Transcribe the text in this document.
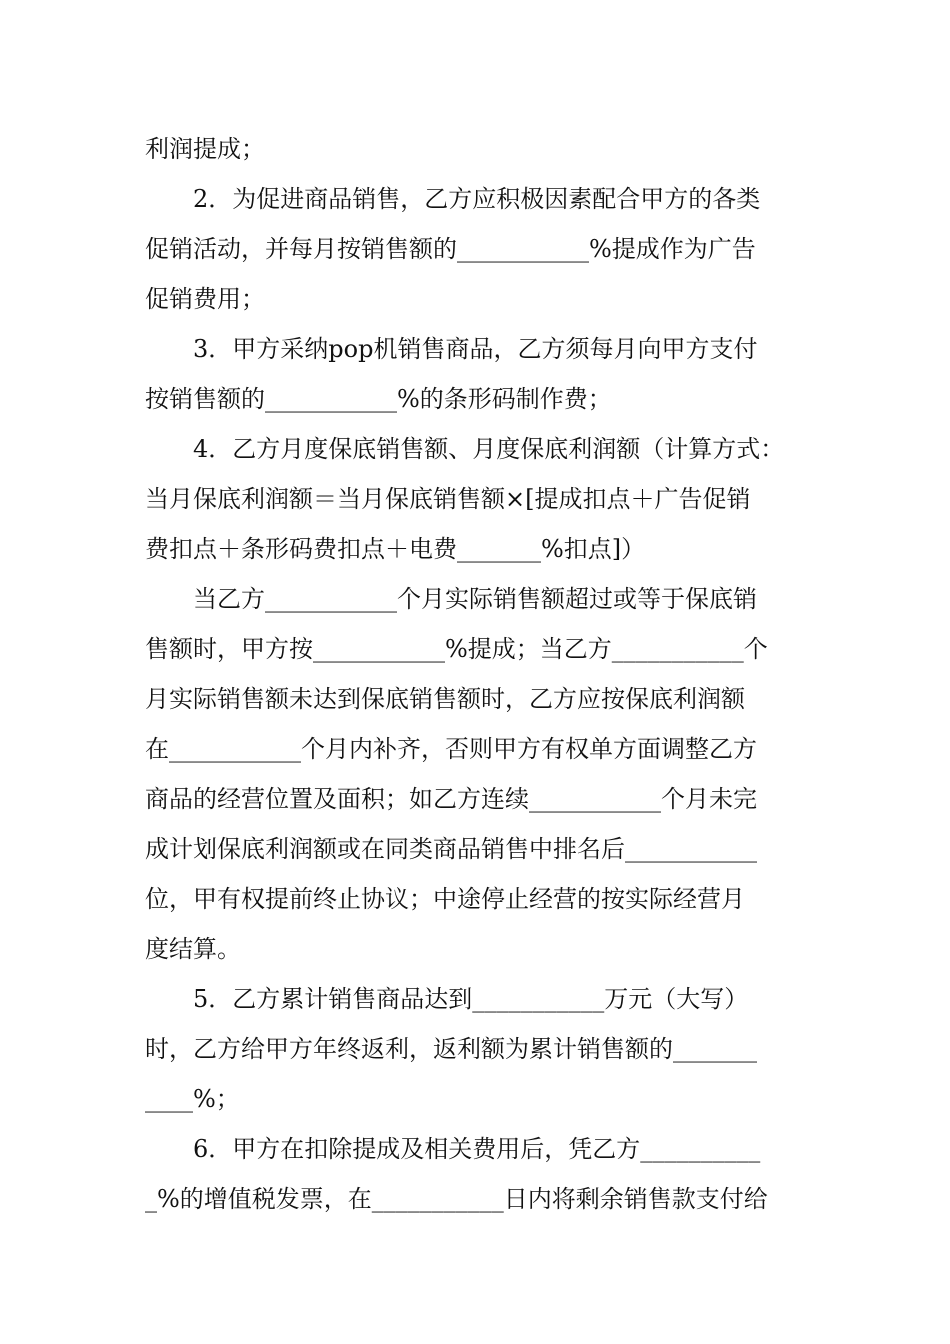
利润提成；
　　2．为促进商品销售，乙方应积极因素配合甲方的各类
促销活动，并每月按销售额的___________%提成作为广告
促销费用；
　　3．甲方采纳pop机销售商品，乙方须每月向甲方支付
按销售额的___________%的条形码制作费；
　　4．乙方月度保底销售额、月度保底利润额（计算方式：
当月保底利润额＝当月保底销售额×[提成扣点＋广告促销
费扣点＋条形码费扣点＋电费_______%扣点]）
　　当乙方___________个月实际销售额超过或等于保底销
售额时，甲方按___________%提成；当乙方___________个
月实际销售额未达到保底销售额时，乙方应按保底利润额
在___________个月内补齐，否则甲方有权单方面调整乙方
商品的经营位置及面积；如乙方连续___________个月未完
成计划保底利润额或在同类商品销售中排名后___________
位，甲有权提前终止协议；中途停止经营的按实际经营月
度结算。
　　5．乙方累计销售商品达到___________万元（大写）
时，乙方给甲方年终返利，返利额为累计销售额的_______
____%；
　　6．甲方在扣除提成及相关费用后，凭乙方__________
_%的增值税发票，在___________日内将剩余销售款支付给
